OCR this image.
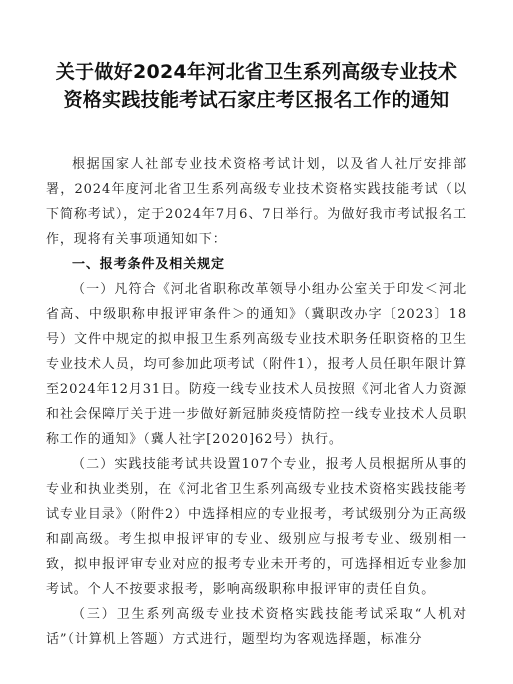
关于做好2024年河北省卫生系列高级专业技术
资格实践技能考试石家庄考区报名工作的通知

根据国家人社部专业技术资格考试计划，以及省人社厅安排部署，2024年度河北省卫生系列高级专业技术资格实践技能考试（以下简称考试），定于2024年7月6、7日举行。为做好我市考试报名工作，现将有关事项通知如下：

一、报考条件及相关规定

（一）凡符合《河北省职称改革领导小组办公室关于印发＜河北省高、中级职称申报评审条件＞的通知》（冀职改办字〔2023〕18号）文件中规定的拟申报卫生系列高级专业技术职务任职资格的卫生专业技术人员，均可参加此项考试（附件1），报考人员任职年限计算至2024年12月31日。防疫一线专业技术人员按照《河北省人力资源和社会保障厅关于进一步做好新冠肺炎疫情防控一线专业技术人员职称工作的通知》（冀人社字[2020]62号）执行。

（二）实践技能考试共设置107个专业，报考人员根据所从事的专业和执业类别，在《河北省卫生系列高级专业技术资格实践技能考试专业目录》（附件2）中选择相应的专业报考，考试级别分为正高级和副高级。考生拟申报评审的专业、级别应与报考专业、级别相一致，拟申报评审专业对应的报考专业未开考的，可选择相近专业参加考试。个人不按要求报考，影响高级职称申报评审的责任自负。

（三）卫生系列高级专业技术资格实践技能考试采取“人机对话”（计算机上答题）方式进行，题型均为客观选择题，标准分
